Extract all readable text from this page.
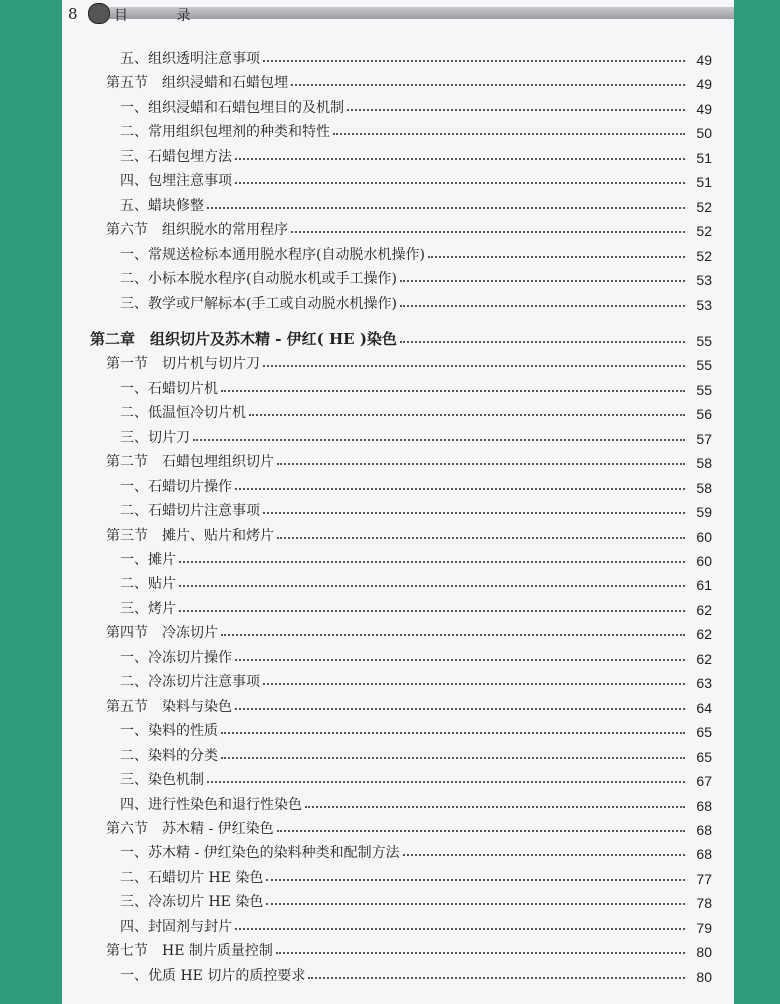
8	目 录
五、组织透明注意事项	49
第五节　组织浸蜡和石蜡包埋	49
一、组织浸蜡和石蜡包埋目的及机制	49
二、常用组织包埋剂的种类和特性	50
三、石蜡包埋方法	51
四、包埋注意事项	51
五、蜡块修整	52
第六节　组织脱水的常用程序	52
一、常规送检标本通用脱水程序(自动脱水机操作)	52
二、小标本脱水程序(自动脱水机或手工操作)	53
三、教学或尸解标本(手工或自动脱水机操作)	53
第二章　组织切片及苏木精 - 伊红( HE )染色	55
第一节　切片机与切片刀	55
一、石蜡切片机	55
二、低温恒冷切片机	56
三、切片刀	57
第二节　石蜡包埋组织切片	58
一、石蜡切片操作	58
二、石蜡切片注意事项	59
第三节　摊片、贴片和烤片	60
一、摊片	60
二、贴片	61
三、烤片	62
第四节　冷冻切片	62
一、冷冻切片操作	62
二、冷冻切片注意事项	63
第五节　染料与染色	64
一、染料的性质	65
二、染料的分类	65
三、染色机制	67
四、进行性染色和退行性染色	68
第六节　苏木精 - 伊红染色	68
一、苏木精 - 伊红染色的染料种类和配制方法	68
二、石蜡切片 HE 染色	77
三、冷冻切片 HE 染色	78
四、封固剂与封片	79
第七节　HE 制片质量控制	80
一、优质 HE 切片的质控要求	80
